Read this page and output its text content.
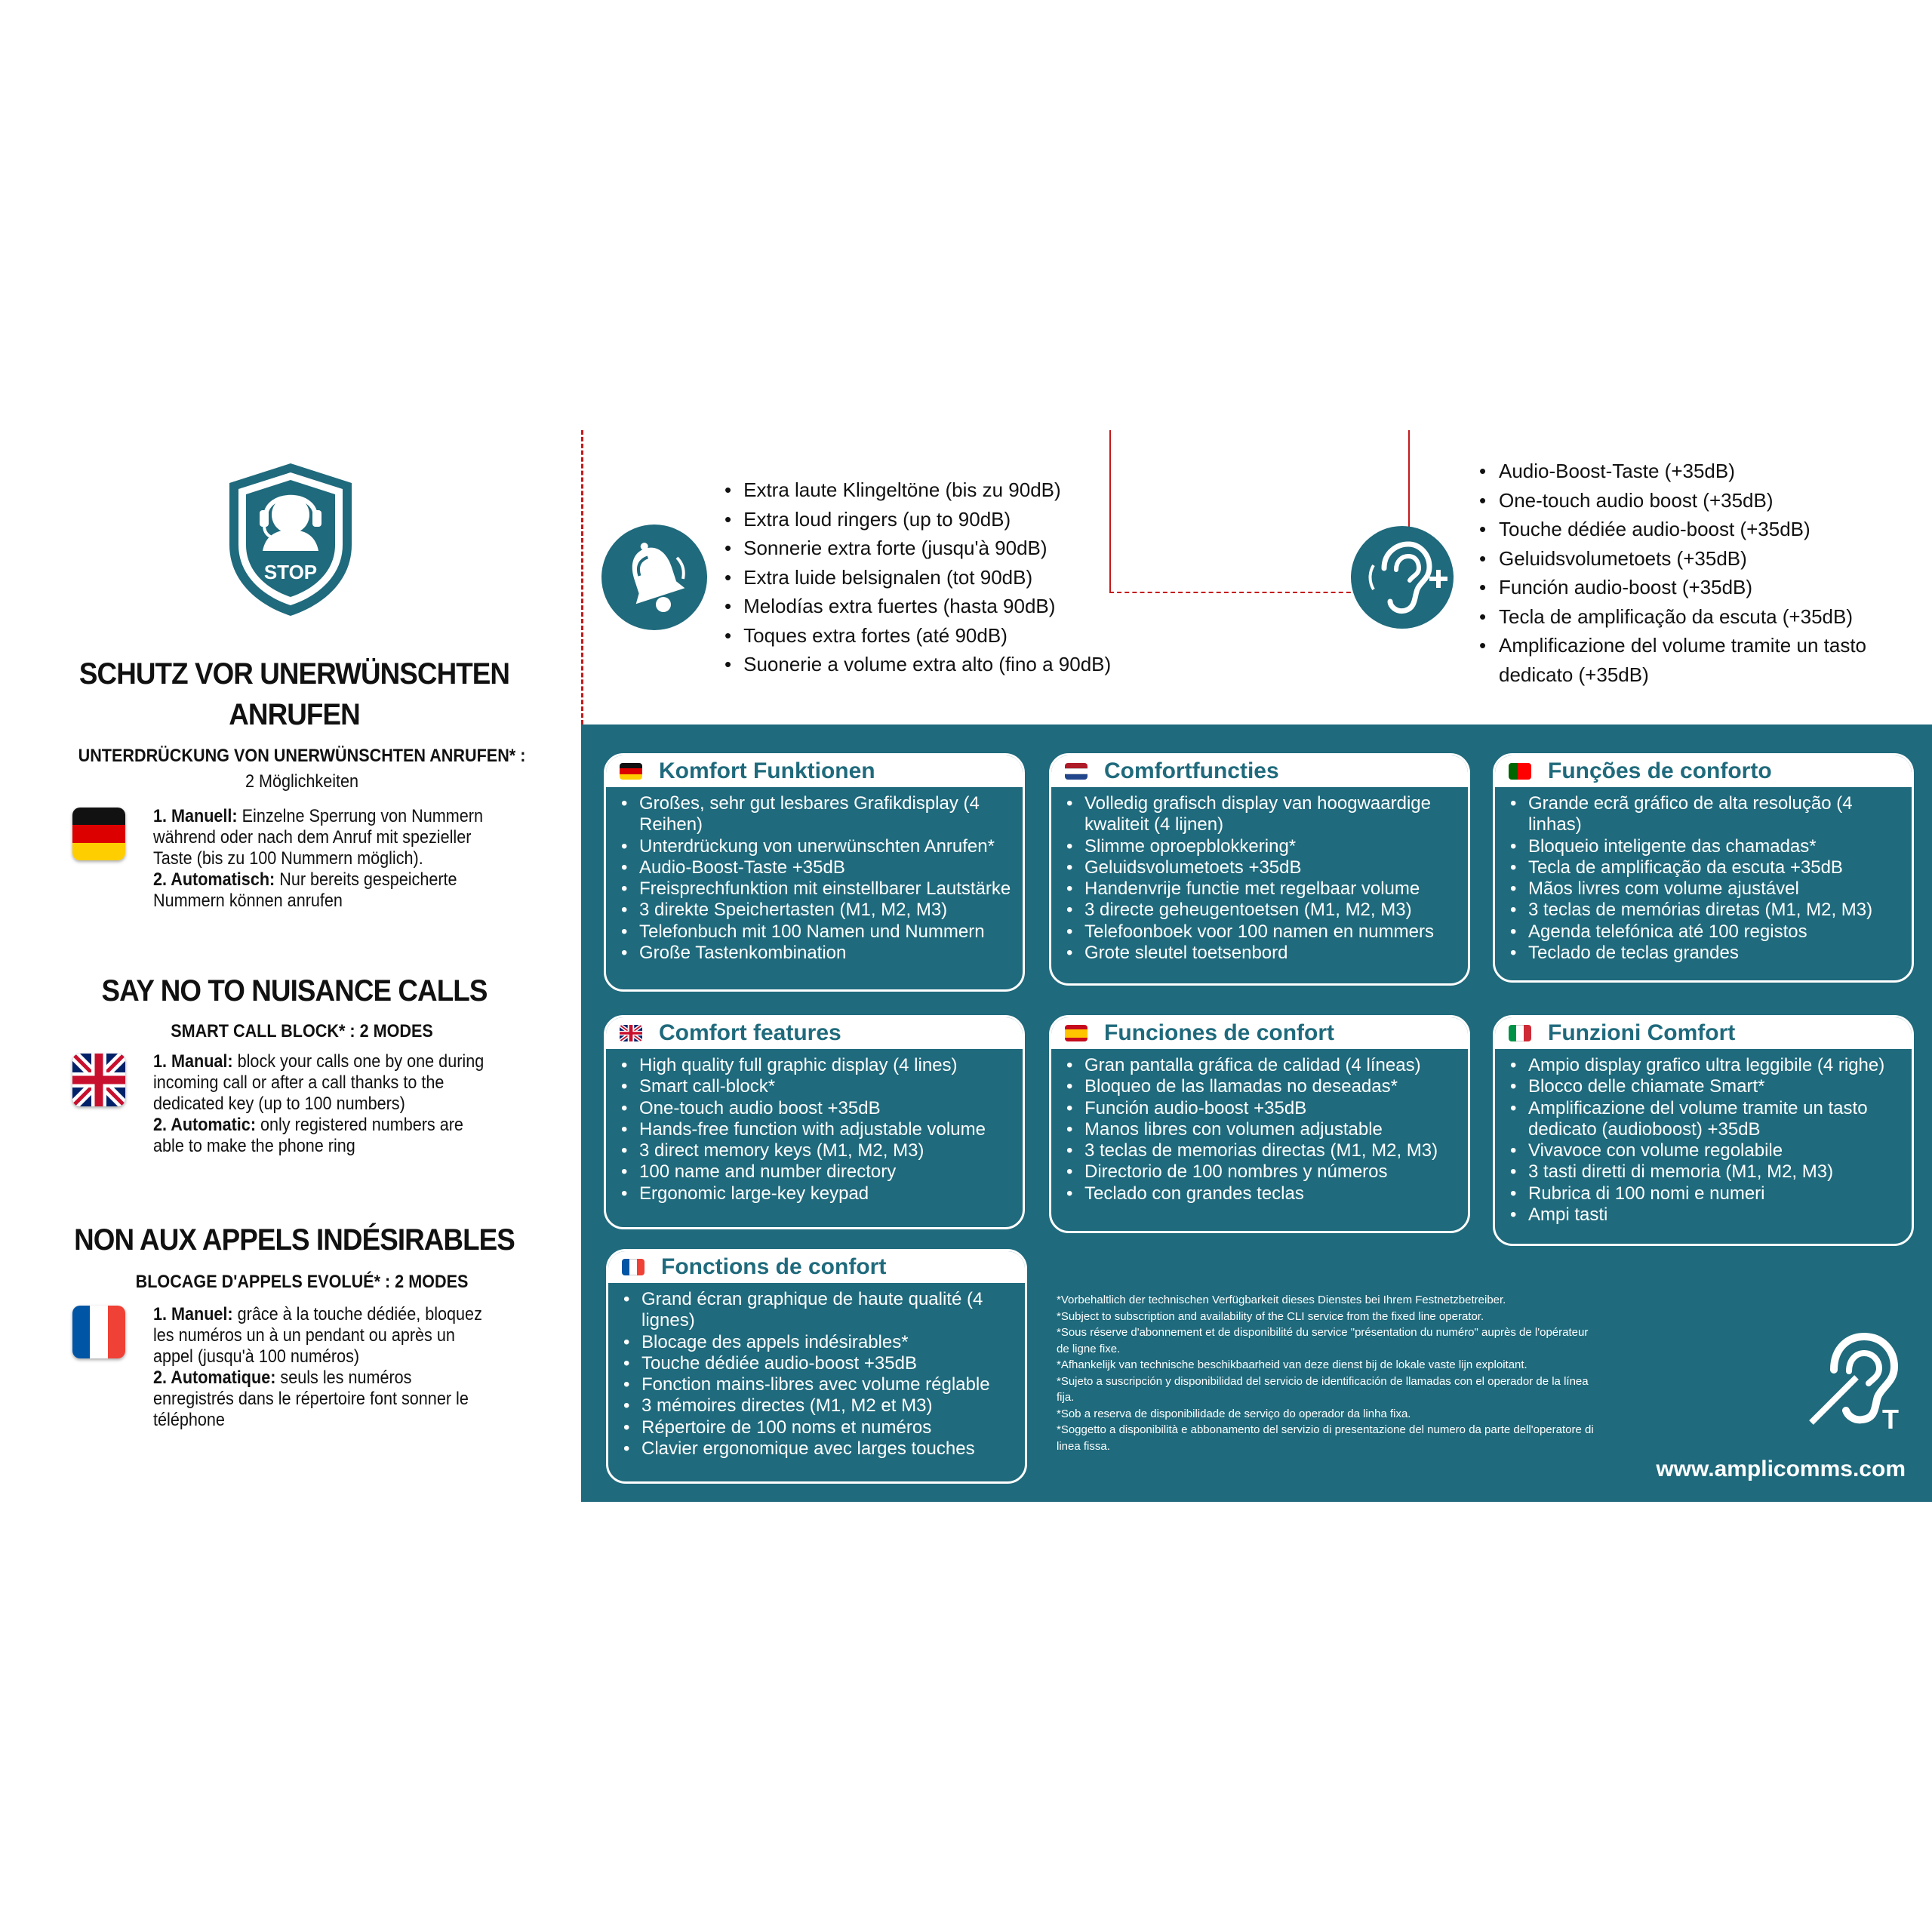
STOP
SCHUTZ VOR UNERWÜNSCHTEN
ANRUFEN
UNTERDRÜCKUNG VON UNERWÜNSCHTEN ANRUFEN* :
2 Möglichkeiten
1. Manuell: Einzelne Sperrung von Nummern während oder nach dem Anruf mit spezieller Taste (bis zu 100 Nummern möglich).
2. Automatisch: Nur bereits gespeicherte Nummern können anrufen
SAY NO TO NUISANCE CALLS
SMART CALL BLOCK* : 2 MODES
1. Manual: block your calls one by one during incoming call or after a call thanks to the dedicated key (up to 100 numbers)
2. Automatic: only registered numbers are able to make the phone ring
NON AUX APPELS INDÉSIRABLES
BLOCAGE D'APPELS EVOLUÉ* : 2 MODES
1. Manuel: grâce à la touche dédiée, bloquez les numéros un à un pendant ou après un appel (jusqu'à 100 numéros)
2. Automatique: seuls les numéros enregistrés dans le répertoire font sonner le téléphone
• Extra laute Klingeltöne (bis zu 90dB)
• Extra loud ringers (up to 90dB)
• Sonnerie extra forte (jusqu'à 90dB)
• Extra luide belsignalen (tot 90dB)
• Melodías extra fuertes (hasta 90dB)
• Toques extra fortes (até 90dB)
• Suonerie a volume extra alto (fino a 90dB)
• Audio-Boost-Taste (+35dB)
• One-touch audio boost (+35dB)
• Touche dédiée audio-boost (+35dB)
• Geluidsvolumetoets (+35dB)
• Función audio-boost (+35dB)
• Tecla de amplificação da escuta (+35dB)
• Amplificazione del volume tramite un tasto dedicato (+35dB)
Komfort Funktionen
• Großes, sehr gut lesbares Grafikdisplay (4 Reihen)
• Unterdrückung von unerwünschten Anrufen*
• Audio-Boost-Taste +35dB
• Freisprechfunktion mit einstellbarer Lautstärke
• 3 direkte Speichertasten (M1, M2, M3)
• Telefonbuch mit 100 Namen und Nummern
• Große Tastenkombination
Comfortfuncties
• Volledig grafisch display van hoogwaardige kwaliteit (4 lijnen)
• Slimme oproepblokkering*
• Geluidsvolumetoets +35dB
• Handenvrije functie met regelbaar volume
• 3 directe geheugentoetsen (M1, M2, M3)
• Telefoonboek voor 100 namen en nummers
• Grote sleutel toetsenbord
Funções de conforto
• Grande ecrã gráfico de alta resolução (4 linhas)
• Bloqueio inteligente das chamadas*
• Tecla de amplificação da escuta +35dB
• Mãos livres com volume ajustável
• 3 teclas de memórias diretas (M1, M2, M3)
• Agenda telefónica até 100 registos
• Teclado de teclas grandes
Comfort features
• High quality full graphic display (4 lines)
• Smart call-block*
• One-touch audio boost +35dB
• Hands-free function with adjustable volume
• 3 direct memory keys (M1, M2, M3)
• 100 name and number directory
• Ergonomic large-key keypad
Funciones de confort
• Gran pantalla gráfica de calidad (4 líneas)
• Bloqueo de las llamadas no deseadas*
• Función audio-boost +35dB
• Manos libres con volumen adjustable
• 3 teclas de memorias directas (M1, M2, M3)
• Directorio de 100 nombres y números
• Teclado con grandes teclas
Funzioni Comfort
• Ampio display grafico ultra leggibile (4 righe)
• Blocco delle chiamate Smart*
• Amplificazione del volume tramite un tasto dedicato (audioboost) +35dB
• Vivavoce con volume regolabile
• 3 tasti diretti di memoria (M1, M2, M3)
• Rubrica di 100 nomi e numeri
• Ampi tasti
Fonctions de confort
• Grand écran graphique de haute qualité (4 lignes)
• Blocage des appels indésirables*
• Touche dédiée audio-boost +35dB
• Fonction mains-libres avec volume réglable
• 3 mémoires directes (M1, M2 et M3)
• Répertoire de 100 noms et numéros
• Clavier ergonomique avec larges touches
*Vorbehaltlich der technischen Verfügbarkeit dieses Dienstes bei Ihrem Festnetzbetreiber.
*Subject to subscription and availability of the CLI service from the fixed line operator.
*Sous réserve d'abonnement et de disponibilité du service "présentation du numéro" auprès de l'opérateur de ligne fixe.
*Afhankelijk van technische beschikbaarheid van deze dienst bij de lokale vaste lijn exploitant.
*Sujeto a suscripción y disponibilidad del servicio de identificación de llamadas con el operador de la línea fija.
*Sob a reserva de disponibilidade de serviço do operador da linha fixa.
*Soggetto a disponibilità e abbonamento del servizio di presentazione del numero da parte dell'operatore di linea fissa.
T
www.amplicomms.com
